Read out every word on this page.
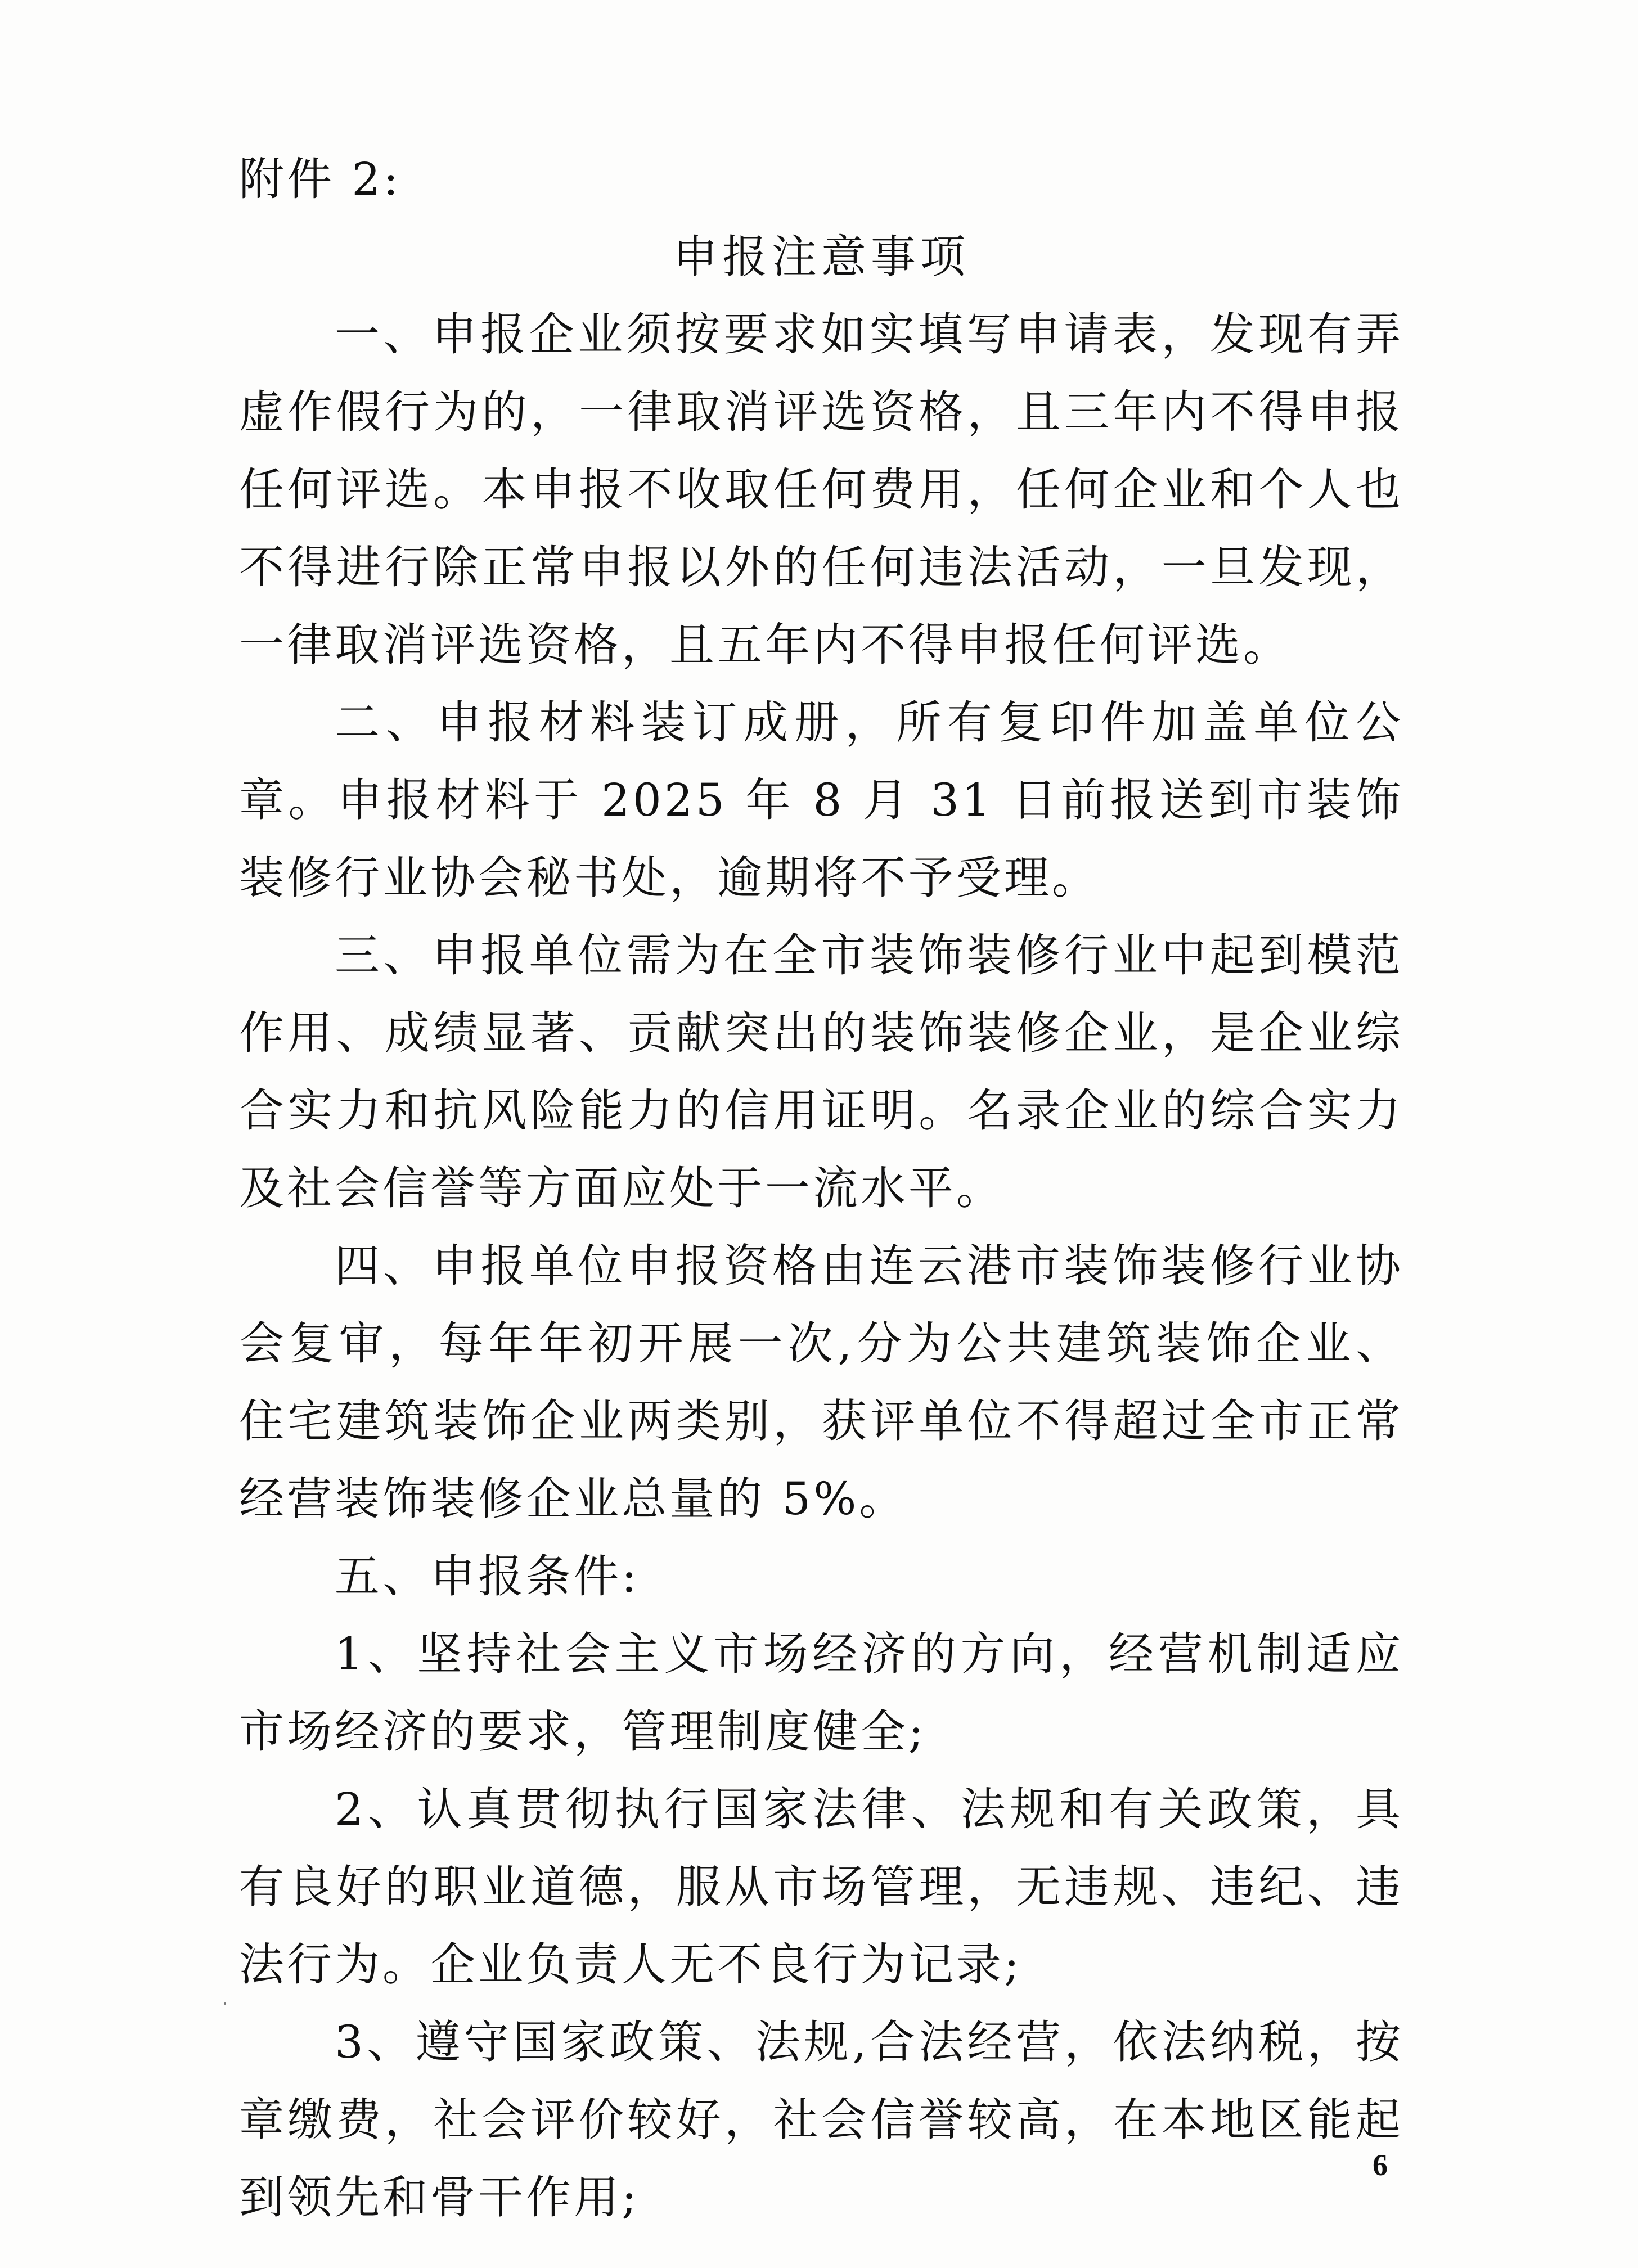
附件 2:

申报注意事项

一、申报企业须按要求如实填写申请表，发现有弄虚作假行为的，一律取消评选资格，且三年内不得申报任何评选。本申报不收取任何费用，任何企业和个人也不得进行除正常申报以外的任何违法活动，一旦发现，一律取消评选资格，且五年内不得申报任何评选。

二、申报材料装订成册，所有复印件加盖单位公章。申报材料于 2025 年 8 月 31 日前报送到市装饰装修行业协会秘书处，逾期将不予受理。

三、申报单位需为在全市装饰装修行业中起到模范作用、成绩显著、贡献突出的装饰装修企业，是企业综合实力和抗风险能力的信用证明。名录企业的综合实力及社会信誉等方面应处于一流水平。

四、申报单位申报资格由连云港市装饰装修行业协会复审，每年年初开展一次,分为公共建筑装饰企业、住宅建筑装饰企业两类别，获评单位不得超过全市正常经营装饰装修企业总量的 5%。

五、申报条件:

1、坚持社会主义市场经济的方向，经营机制适应市场经济的要求，管理制度健全;

2、认真贯彻执行国家法律、法规和有关政策，具有良好的职业道德，服从市场管理，无违规、违纪、违法行为。企业负责人无不良行为记录;

3、遵守国家政策、法规,合法经营，依法纳税，按章缴费，社会评价较好，社会信誉较高，在本地区能起到领先和骨干作用;

6
